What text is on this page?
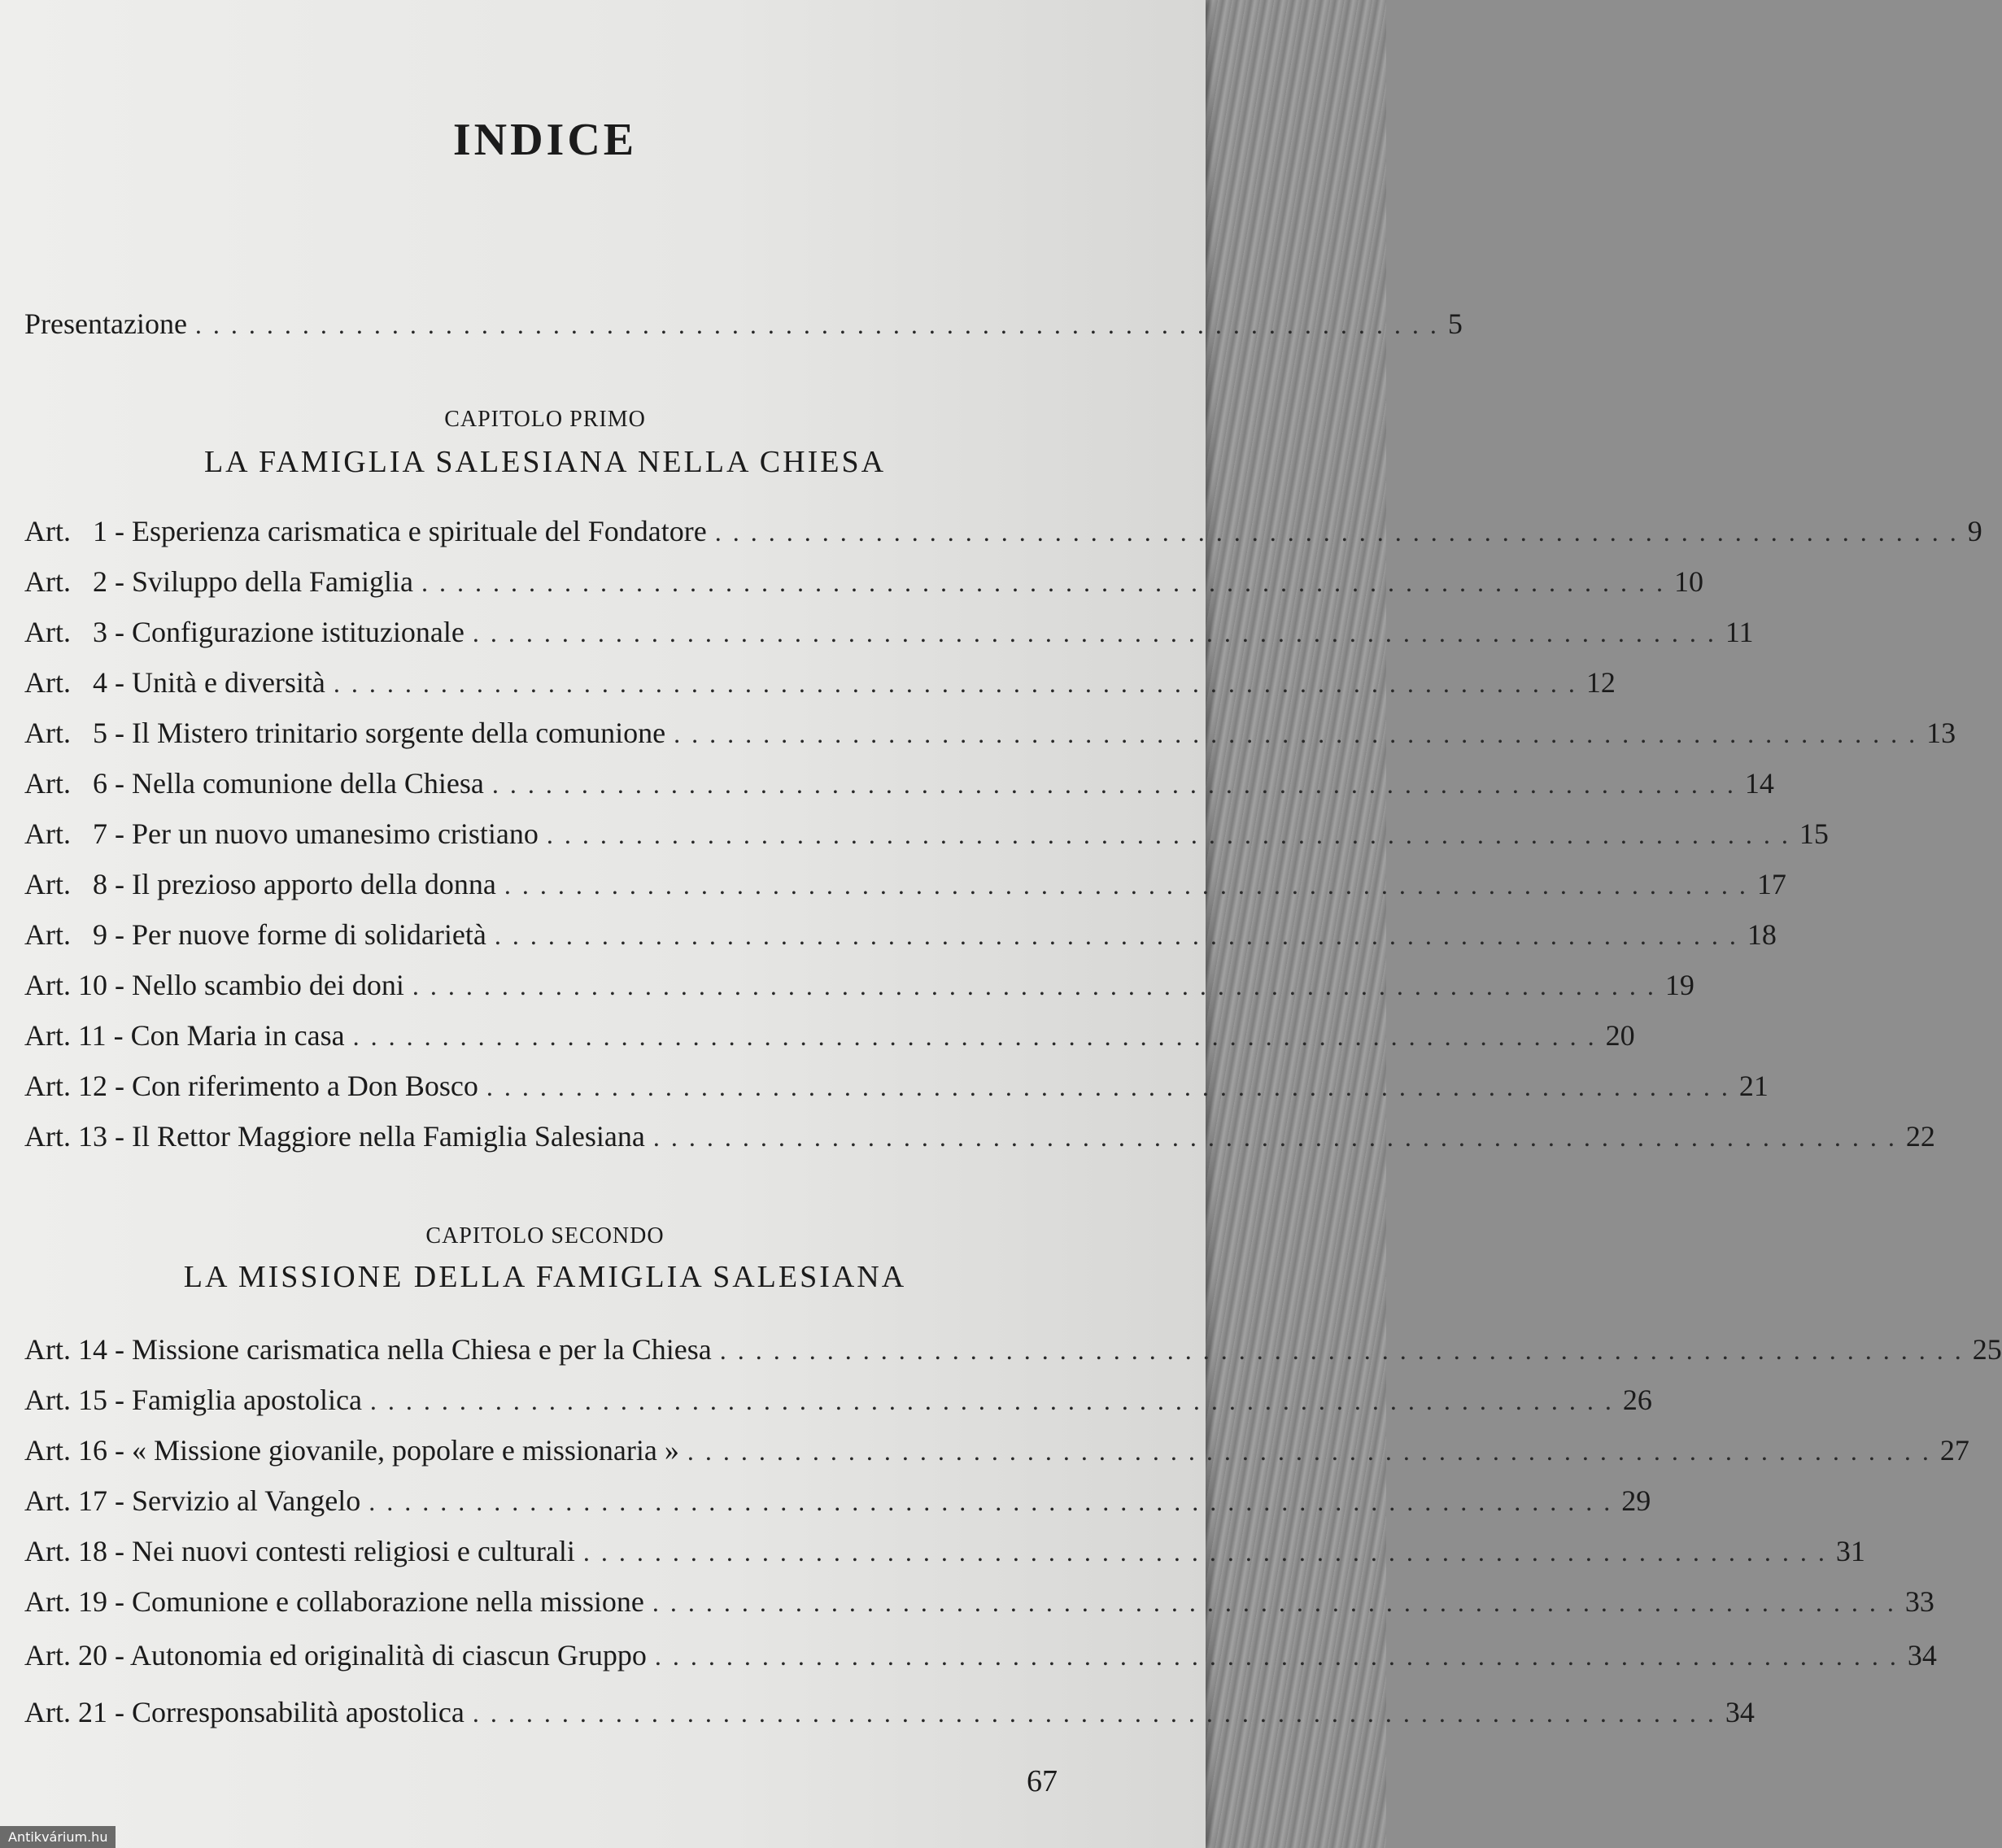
INDICE
Presentazione ...................................................................... 5
CAPITOLO PRIMO
LA FAMIGLIA SALESIANA NELLA CHIESA
Art.   1 - Esperienza carismatica e spirituale del Fondatore ...................................................................... 9
Art.   2 - Sviluppo della Famiglia ...................................................................... 10
Art.   3 - Configurazione istituzionale ...................................................................... 11
Art.   4 - Unità e diversità ...................................................................... 12
Art.   5 - Il Mistero trinitario sorgente della comunione ...................................................................... 13
Art.   6 - Nella comunione della Chiesa ...................................................................... 14
Art.   7 - Per un nuovo umanesimo cristiano ...................................................................... 15
Art.   8 - Il prezioso apporto della donna ...................................................................... 17
Art.   9 - Per nuove forme di solidarietà ...................................................................... 18
Art. 10 - Nello scambio dei doni ...................................................................... 19
Art. 11 - Con Maria in casa ...................................................................... 20
Art. 12 - Con riferimento a Don Bosco ...................................................................... 21
Art. 13 - Il Rettor Maggiore nella Famiglia Salesiana ...................................................................... 22
CAPITOLO SECONDO
LA MISSIONE DELLA FAMIGLIA SALESIANA
Art. 14 - Missione carismatica nella Chiesa e per la Chiesa ...................................................................... 25
Art. 15 - Famiglia apostolica ...................................................................... 26
Art. 16 - « Missione giovanile, popolare e missionaria » ...................................................................... 27
Art. 17 - Servizio al Vangelo ...................................................................... 29
Art. 18 - Nei nuovi contesti religiosi e culturali ...................................................................... 31
Art. 19 - Comunione e collaborazione nella missione ...................................................................... 33
Art. 20 - Autonomia ed originalità di ciascun Gruppo ...................................................................... 34
Art. 21 - Corresponsabilità apostolica ...................................................................... 34
67
Antikvárium.hu
